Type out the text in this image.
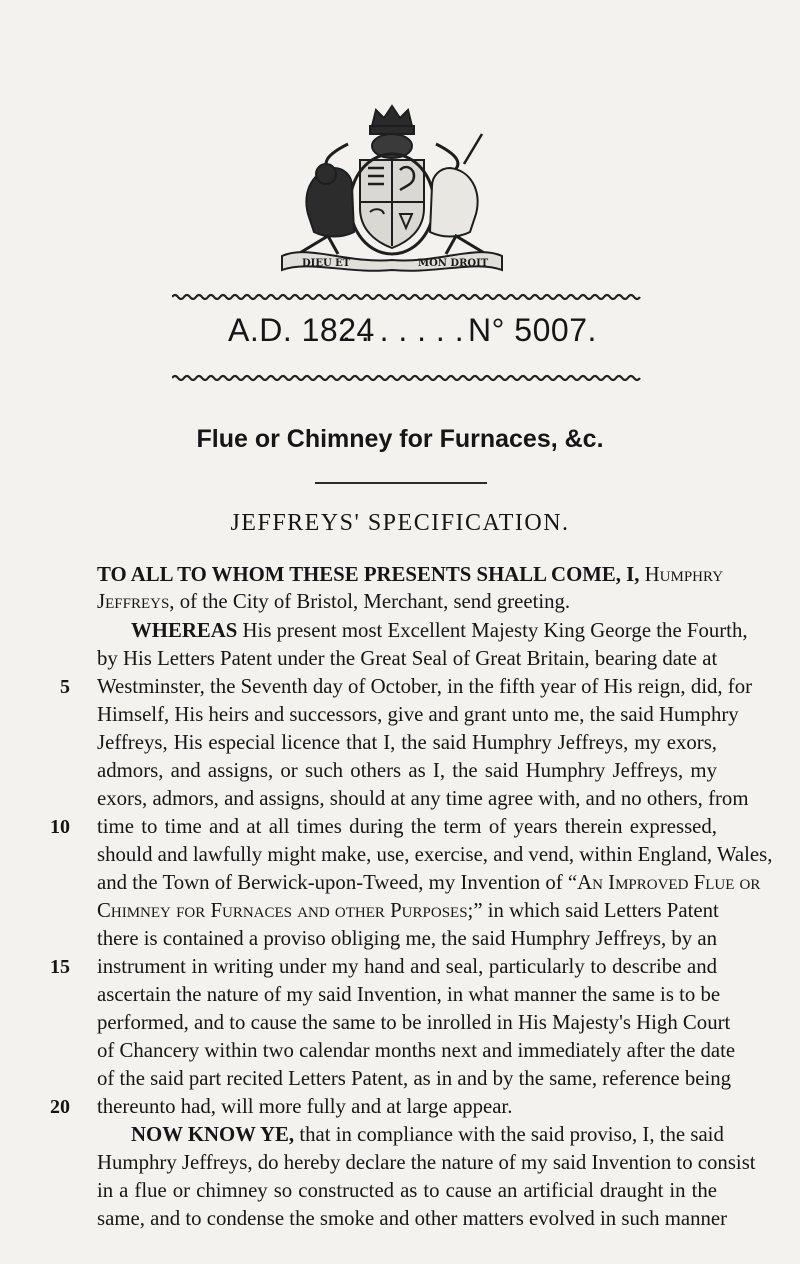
DIEU ET	MON DROIT
A.D. 1824
. . . . . . . N° 5007.
Flue or Chimney for Furnaces, &c.
JEFFREYS' SPECIFICATION.
TO ALL TO WHOM THESE PRESENTS SHALL COME, I, Humphry
Jeffreys, of the City of Bristol, Merchant, send greeting.
WHEREAS His present most Excellent Majesty King George the Fourth,
by His Letters Patent under the Great Seal of Great Britain, bearing date at
5 Westminster, the Seventh day of October, in the fifth year of His reign, did, for
Himself, His heirs and successors, give and grant unto me, the said Humphry
Jeffreys, His especial licence that I, the said Humphry Jeffreys, my exors,
admors, and assigns, or such others as I, the said Humphry Jeffreys, my
exors, admors, and assigns, should at any time agree with, and no others, from
10 time to time and at all times during the term of years therein expressed,
should and lawfully might make, use, exercise, and vend, within England, Wales,
and the Town of Berwick-upon-Tweed, my Invention of “An Improved Flue or
Chimney for Furnaces and other Purposes;” in which said Letters Patent
there is contained a proviso obliging me, the said Humphry Jeffreys, by an
15 instrument in writing under my hand and seal, particularly to describe and
ascertain the nature of my said Invention, in what manner the same is to be
performed, and to cause the same to be inrolled in His Majesty's High Court
of Chancery within two calendar months next and immediately after the date
of the said part recited Letters Patent, as in and by the same, reference being
20 thereunto had, will more fully and at large appear.
NOW KNOW YE, that in compliance with the said proviso, I, the said
Humphry Jeffreys, do hereby declare the nature of my said Invention to consist
in a flue or chimney so constructed as to cause an artificial draught in the
same, and to condense the smoke and other matters evolved in such manner
